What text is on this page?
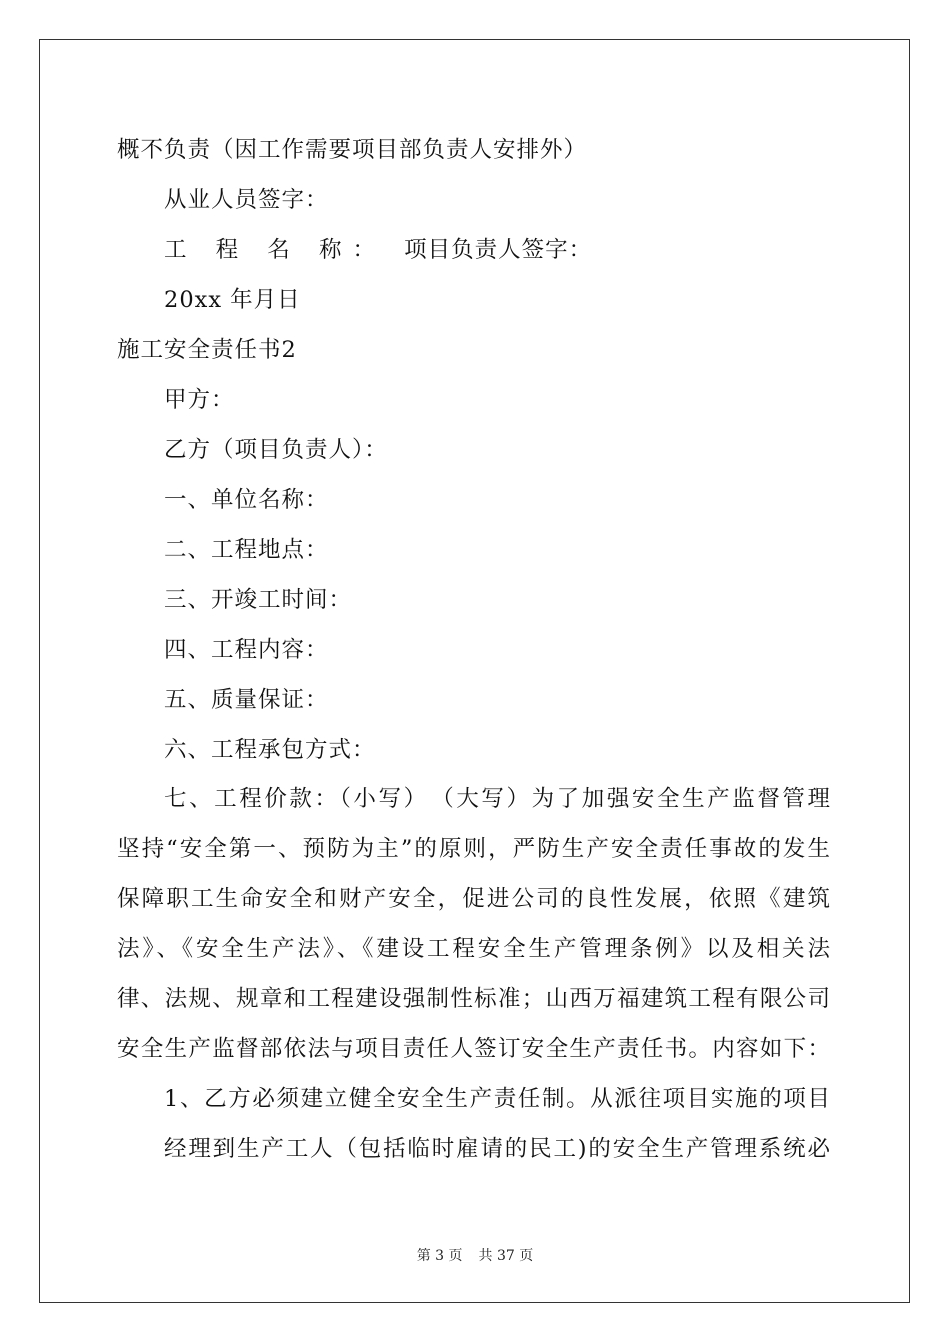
概不负责（因工作需要项目部负责人安排外）
从业人员签字：
工 程 名 称： 项目负责人签字：
20xx 年月日
施工安全责任书2
甲方：
乙方（项目负责人）：
一、单位名称：
二、工程地点：
三、开竣工时间：
四、工程内容：
五、质量保证：
六、工程承包方式：
七、工程价款：（小写）　（大写）为了加强安全生产监督管理
坚持“安全第一、预防为主”的原则，严防生产安全责任事故的发生
保障职工生命安全和财产安全，促进公司的良性发展，依照《建筑
法》、《安全生产法》、《建设工程安全生产管理条例》以及相关法
律、法规、规章和工程建设强制性标准；山西万福建筑工程有限公司
安全生产监督部依法与项目责任人签订安全生产责任书。内容如下：
1、乙方必须建立健全安全生产责任制。从派往项目实施的项目
经理到生产工人（包括临时雇请的民工)的安全生产管理系统必
第 3 页 共 37 页
